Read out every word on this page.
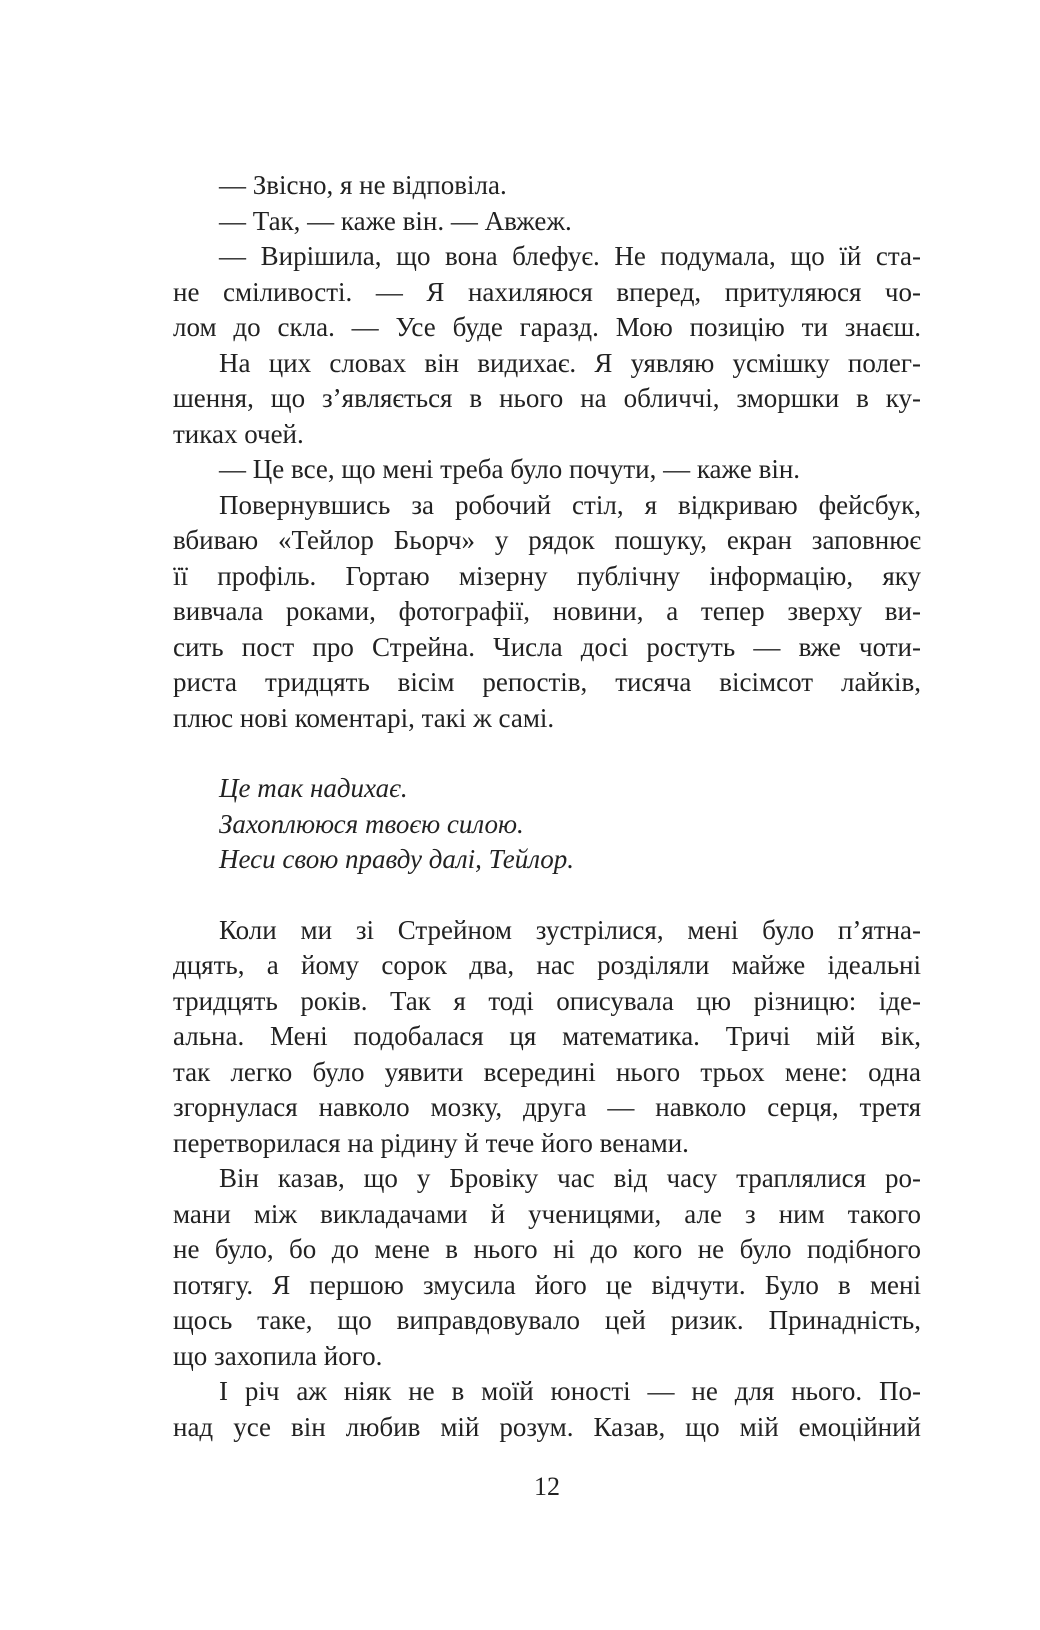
— Звісно, я не відповіла.

— Так, — каже він. — Авжеж.

— Вирішила, що вона блефує. Не подумала, що їй ста-
не сміливості. — Я нахиляюся вперед, притуляюся чо-
лом до скла. — Усе буде гаразд. Мою позицію ти знаєш.

На цих словах він видихає. Я уявляю усмішку полег-
шення, що з’являється в нього на обличчі, зморшки в ку-
тиках очей.

— Це все, що мені треба було почути, — каже він.

Повернувшись за робочий стіл, я відкриваю фейсбук,
вбиваю «Тейлор Бьорч» у рядок пошуку, екран заповнює
її профіль. Гортаю мізерну публічну інформацію, яку
вивчала роками, фотографії, новини, а тепер зверху ви-
сить пост про Стрейна. Числа досі ростуть — вже чоти-
риста тридцять вісім репостів, тисяча вісімсот лайків,
плюс нові коментарі, такі ж самі.

Це так надихає.

Захоплююся твоєю силою.

Неси свою правду далі, Тейлор.

Коли ми зі Стрейном зустрілися, мені було п’ятна-
дцять, а йому сорок два, нас розділяли майже ідеальні
тридцять років. Так я тоді описувала цю різницю: іде-
альна. Мені подобалася ця математика. Тричі мій вік,
так легко було уявити всередині нього трьох мене: одна
згорнулася навколо мозку, друга — навколо серця, третя
перетворилася на рідину й тече його венами.

Він казав, що у Бровіку час від часу траплялися ро-
мани між викладачами й ученицями, але з ним такого
не було, бо до мене в нього ні до кого не було подібного
потягу. Я першою змусила його це відчути. Було в мені
щось таке, що виправдовувало цей ризик. Принадність,
що захопила його.

І річ аж ніяк не в моїй юності — не для нього. По-
над усе він любив мій розум. Казав, що мій емоційний

12
